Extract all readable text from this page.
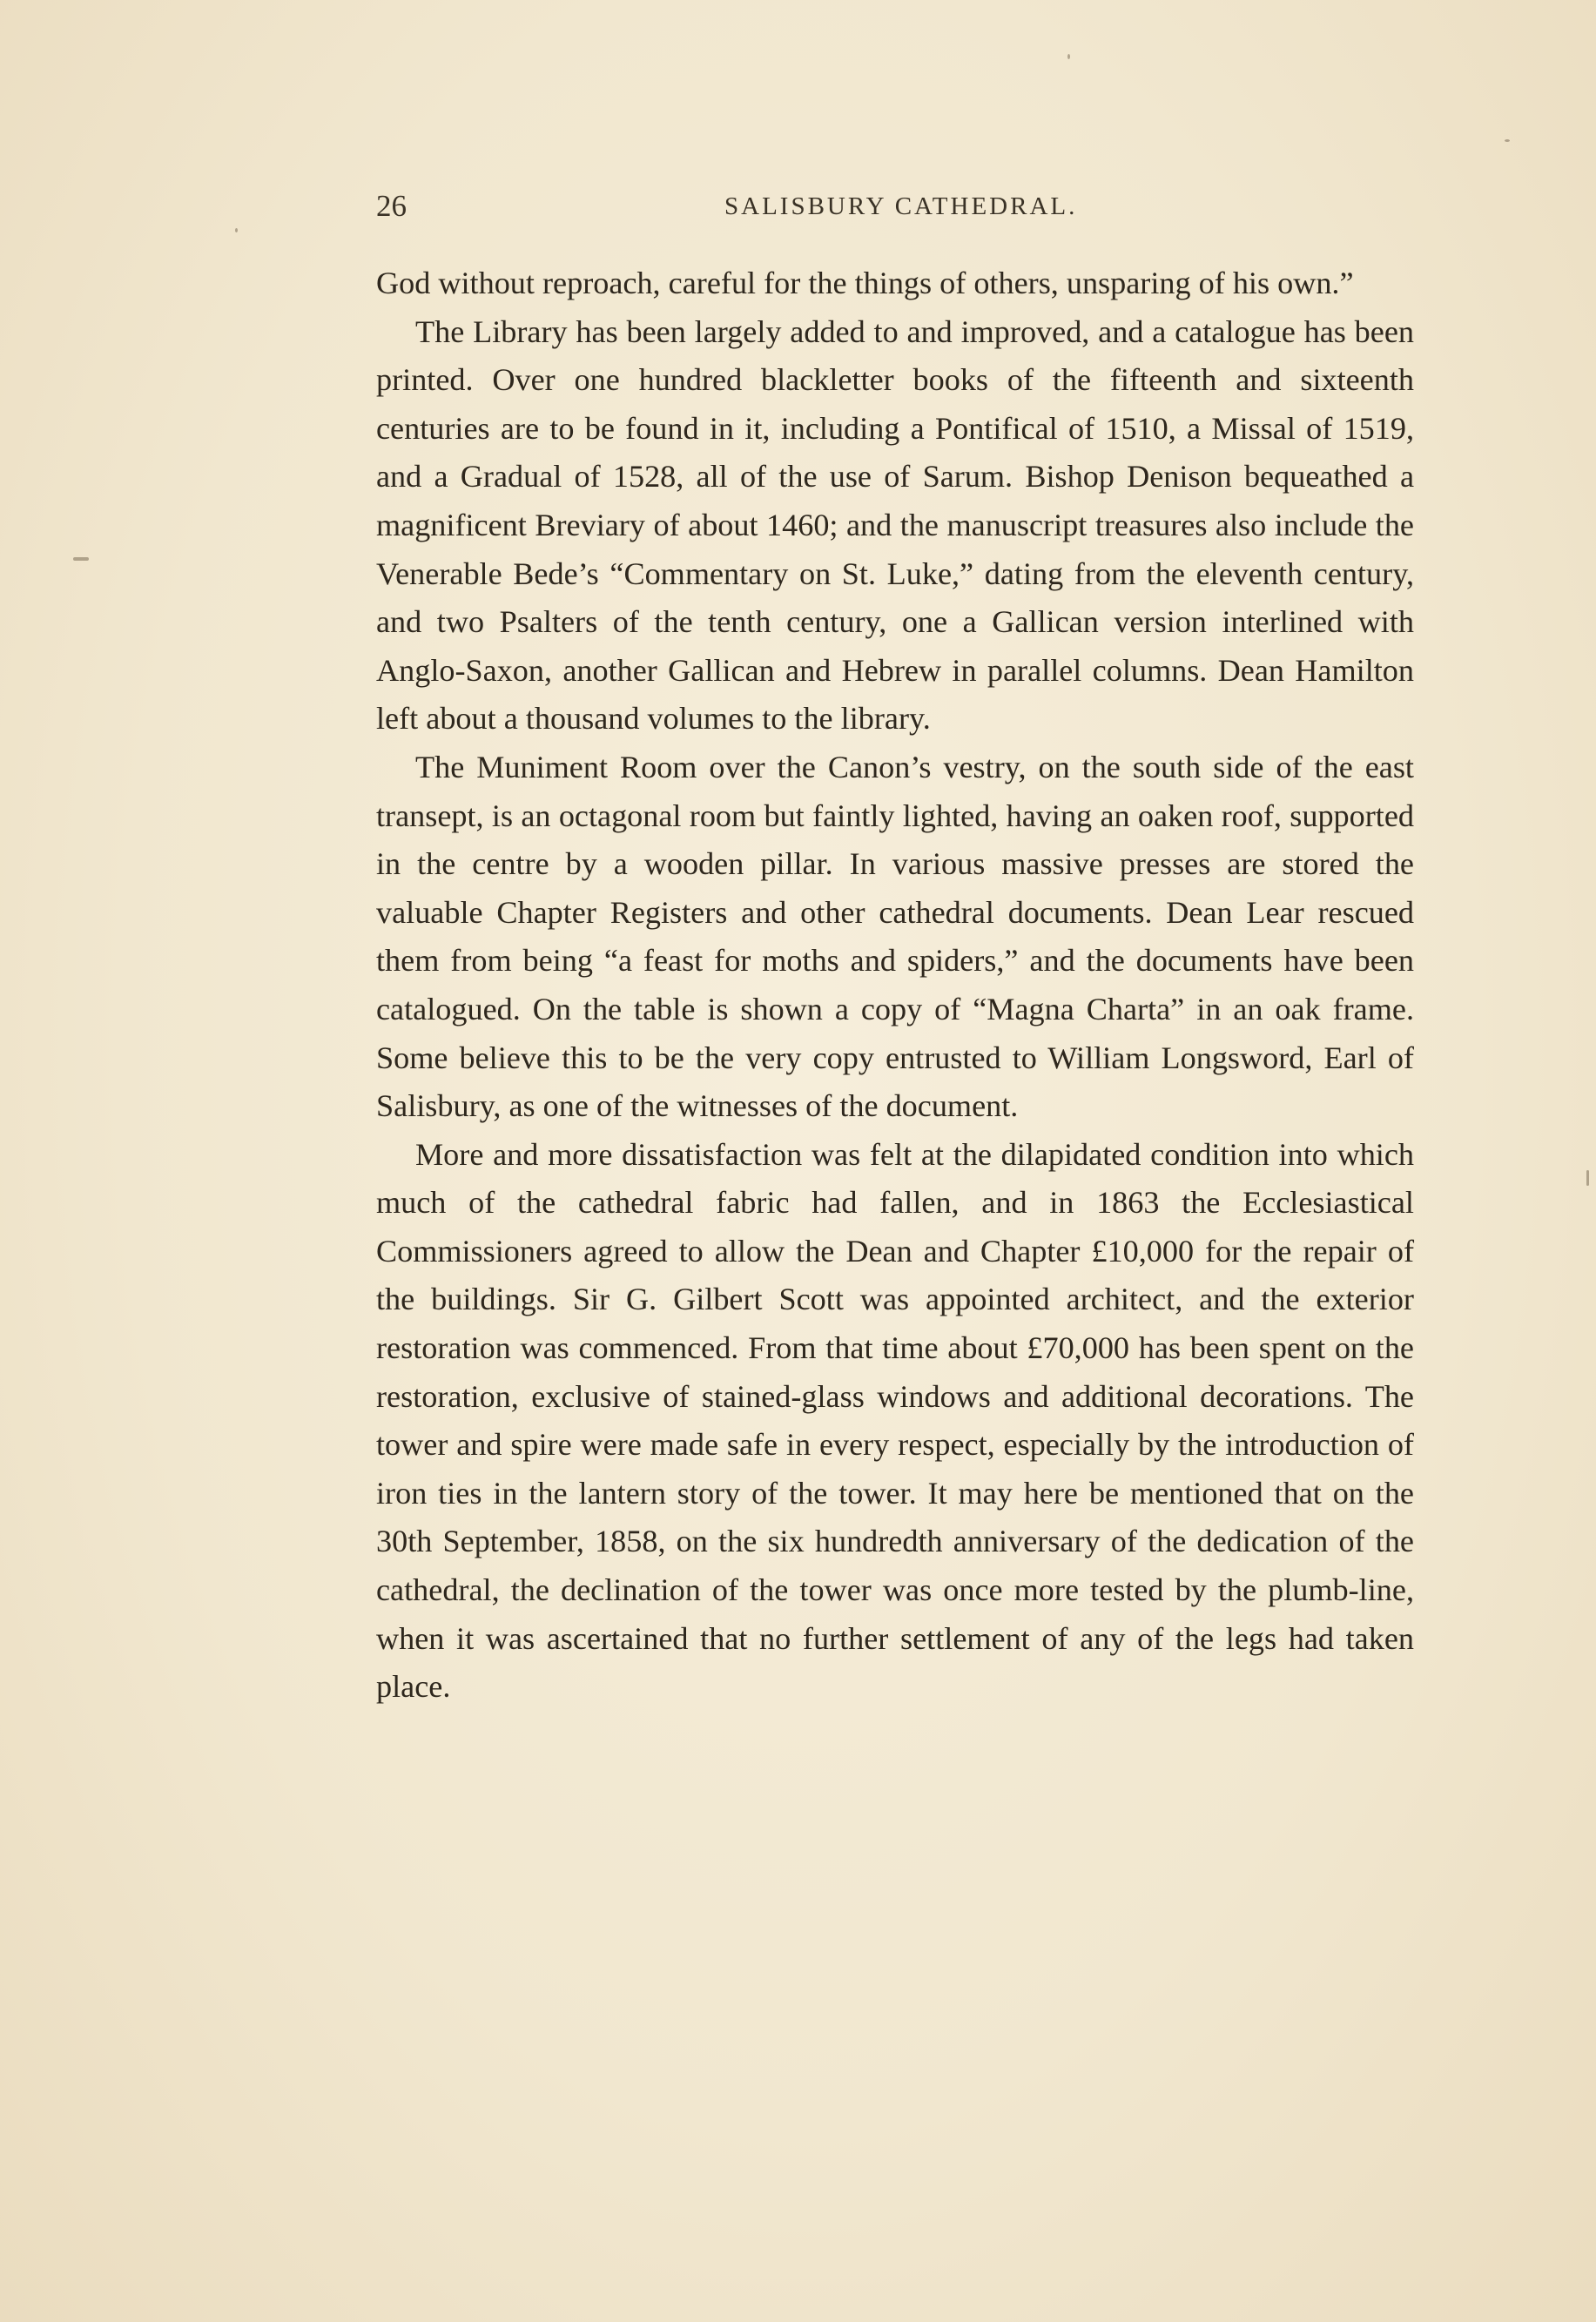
26	SALISBURY CATHEDRAL.

God without reproach, careful for the things of others, unsparing of his own.”

The Library has been largely added to and improved, and a catalogue has been printed. Over one hundred blackletter books of the fifteenth and sixteenth centuries are to be found in it, including a Pontifical of 1510, a Missal of 1519, and a Gradual of 1528, all of the use of Sarum. Bishop Denison bequeathed a magnificent Breviary of about 1460; and the manuscript treasures also include the Venerable Bede’s “Commentary on St. Luke,” dating from the eleventh century, and two Psalters of the tenth century, one a Gallican version interlined with Anglo-Saxon, another Gallican and Hebrew in parallel columns. Dean Hamilton left about a thousand volumes to the library.

The Muniment Room over the Canon’s vestry, on the south side of the east transept, is an octagonal room but faintly lighted, having an oaken roof, supported in the centre by a wooden pillar. In various massive presses are stored the valuable Chapter Registers and other cathedral documents. Dean Lear rescued them from being “a feast for moths and spiders,” and the documents have been catalogued. On the table is shown a copy of “Magna Charta” in an oak frame. Some believe this to be the very copy entrusted to William Longsword, Earl of Salisbury, as one of the witnesses of the document.

More and more dissatisfaction was felt at the dilapidated condition into which much of the cathedral fabric had fallen, and in 1863 the Ecclesiastical Commissioners agreed to allow the Dean and Chapter £10,000 for the repair of the buildings. Sir G. Gilbert Scott was appointed architect, and the exterior restoration was commenced. From that time about £70,000 has been spent on the restoration, exclusive of stained-glass windows and additional decorations. The tower and spire were made safe in every respect, especially by the introduction of iron ties in the lantern story of the tower. It may here be mentioned that on the 30th September, 1858, on the six hundredth anniversary of the dedication of the cathedral, the declination of the tower was once more tested by the plumb-line, when it was ascertained that no further settlement of any of the legs had taken place.
